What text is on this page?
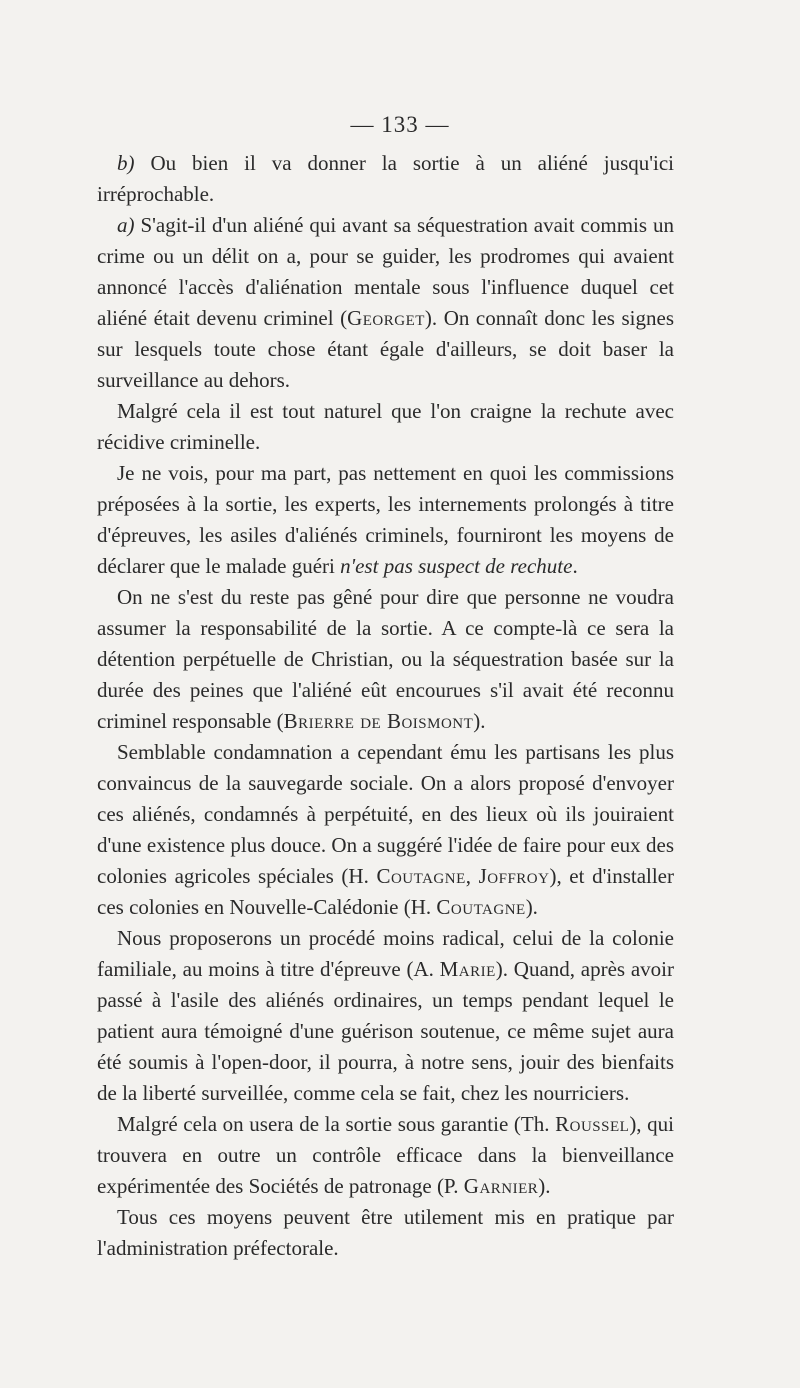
— 133 —

b) Ou bien il va donner la sortie à un aliéné jusqu'ici irréprochable.

a) S'agit-il d'un aliéné qui avant sa séquestration avait commis un crime ou un délit on a, pour se guider, les prodromes qui avaient annoncé l'accès d'aliénation mentale sous l'influence duquel cet aliéné était devenu criminel (Georget). On connaît donc les signes sur lesquels toute chose étant égale d'ailleurs, se doit baser la surveillance au dehors.

Malgré cela il est tout naturel que l'on craigne la rechute avec récidive criminelle.

Je ne vois, pour ma part, pas nettement en quoi les commissions préposées à la sortie, les experts, les internements prolongés à titre d'épreuves, les asiles d'aliénés criminels, fourniront les moyens de déclarer que le malade guéri n'est pas suspect de rechute.

On ne s'est du reste pas gêné pour dire que personne ne voudra assumer la responsabilité de la sortie. A ce compte-là ce sera la détention perpétuelle de Christian, ou la séquestration basée sur la durée des peines que l'aliéné eût encourues s'il avait été reconnu criminel responsable (Brierre de Boismont).

Semblable condamnation a cependant ému les partisans les plus convaincus de la sauvegarde sociale. On a alors proposé d'envoyer ces aliénés, condamnés à perpétuité, en des lieux où ils jouiraient d'une existence plus douce. On a suggéré l'idée de faire pour eux des colonies agricoles spéciales (H. Coutagne, Joffroy), et d'installer ces colonies en Nouvelle-Calédonie (H. Coutagne).

Nous proposerons un procédé moins radical, celui de la colonie familiale, au moins à titre d'épreuve (A. Marie). Quand, après avoir passé à l'asile des aliénés ordinaires, un temps pendant lequel le patient aura témoigné d'une guérison soutenue, ce même sujet aura été soumis à l'open-door, il pourra, à notre sens, jouir des bienfaits de la liberté surveillée, comme cela se fait, chez les nourriciers.

Malgré cela on usera de la sortie sous garantie (Th. Roussel), qui trouvera en outre un contrôle efficace dans la bienveillance expérimentée des Sociétés de patronage (P. Garnier).

Tous ces moyens peuvent être utilement mis en pratique par l'administration préfectorale.
